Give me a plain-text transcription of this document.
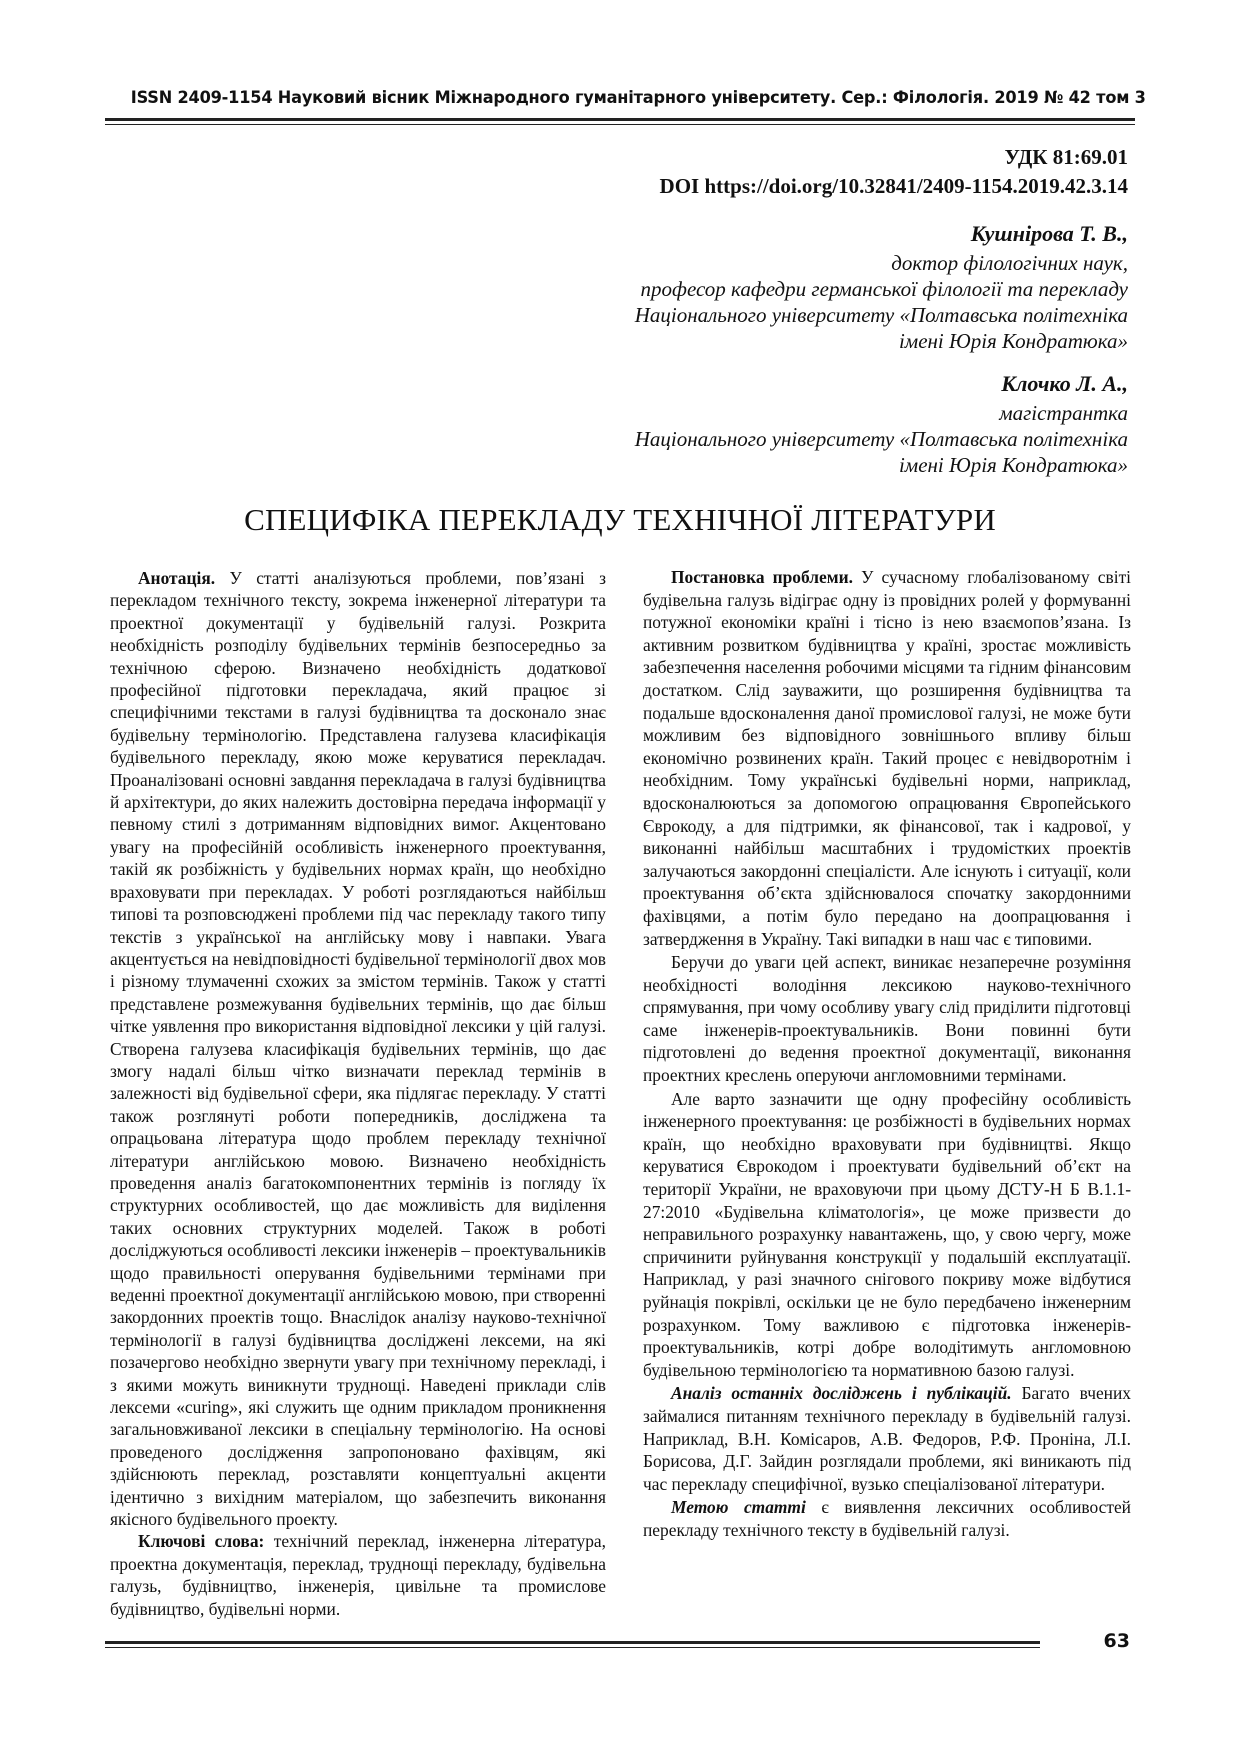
ISSN 2409-1154 Науковий вісник Міжнародного гуманітарного університету. Сер.: Філологія. 2019 № 42 том 3
УДК 81:69.01
DOI https://doi.org/10.32841/2409-1154.2019.42.3.14
Кушнірова Т. В.,
доктор філологічних наук,
професор кафедри германської філології та перекладу
Національного університету «Полтавська політехніка
імені Юрія Кондратюка»
Клочко Л. А.,
магістрантка
Національного університету «Полтавська політехніка
імені Юрія Кондратюка»
СПЕЦИФІКА ПЕРЕКЛАДУ ТЕХНІЧНОЇ ЛІТЕРАТУРИ

Анотація. У статті аналізуються проблеми, пов’язані з перекладом технічного тексту, зокрема інженерної літератури та проектної документації у будівельній галузі. Розкрита необхідність розподілу будівельних термінів безпосередньо за технічною сферою. Визначено необхідність додаткової професійної підготовки перекладача, який працює зі специфічними текстами в галузі будівництва та досконало знає будівельну термінологію. Представлена галузева класифікація будівельного перекладу, якою може керуватися перекладач. Проаналізовані основні завдання перекладача в галузі будівництва й архітектури, до яких належить достовірна передача інформації у певному стилі з дотриманням відповідних вимог. Акцентовано увагу на професійній особливість інженерного проектування, такій як розбіжність у будівельних нормах країн, що необхідно враховувати при перекладах. У роботі розглядаються найбільш типові та розповсюджені проблеми під час перекладу такого типу текстів з української на англійську мову і навпаки. Увага акцентується на невідповідності будівельної термінології двох мов і різному тлумаченні схожих за змістом термінів. Також у статті представлене розмежування будівельних термінів, що дає більш чітке уявлення про використання відповідної лексики у цій галузі. Створена галузева класифікація будівельних термінів, що дає змогу надалі більш чітко визначати переклад термінів в залежності від будівельної сфери, яка підлягає перекладу. У статті також розглянуті роботи попередників, досліджена та опрацьована література щодо проблем перекладу технічної літератури англійською мовою. Визначено необхідність проведення аналіз багатокомпонентних термінів із погляду їх структурних особливостей, що дає можливість для виділення таких основних структурних моделей. Також в роботі досліджуються особливості лексики інженерів – проектувальників щодо правильності оперування будівельними термінами при веденні проектної документації англійською мовою, при створенні закордонних проектів тощо. Внаслідок аналізу науково-технічної термінології в галузі будівництва досліджені лексеми, на які позачергово необхідно звернути увагу при технічному перекладі, і з якими можуть виникнути труднощі. Наведені приклади слів лексеми «curing», які служить ще одним прикладом проникнення загальновживаної лексики в спеціальну термінологію. На основі проведеного дослідження запропоновано фахівцям, які здійснюють переклад, розставляти концептуальні акценти ідентично з вихідним матеріалом, що забезпечить виконання якісного будівельного проекту.

Ключові слова: технічний переклад, інженерна література, проектна документація, переклад, труднощі перекладу, будівельна галузь, будівництво, інженерія, цивільне та промислове будівництво, будівельні норми.

Постановка проблеми. У сучасному глобалізованому світі будівельна галузь відіграє одну із провідних ролей у формуванні потужної економіки країні і тісно із нею взаємопов’язана. Із активним розвитком будівництва у країні, зростає можливість забезпечення населення робочими місцями та гідним фінансовим достатком. Слід зауважити, що розширення будівництва та подальше вдосконалення даної промислової галузі, не може бути можливим без відповідного зовнішнього впливу більш економічно розвинених країн. Такий процес є невідворотнім і необхідним. Тому українські будівельні норми, наприклад, вдосконалюються за допомогою опрацювання Європейського Єврокоду, а для підтримки, як фінансової, так і кадрової, у виконанні найбільш масштабних і трудомістких проектів залучаються закордонні спеціалісти. Але існують і ситуації, коли проектування об’єкта здійснювалося спочатку закордонними фахівцями, а потім було передано на доопрацювання і затвердження в Україну. Такі випадки в наш час є типовими.

Беручи до уваги цей аспект, виникає незаперечне розуміння необхідності володіння лексикою науково-технічного спрямування, при чому особливу увагу слід приділити підготовці саме інженерів-проектувальників. Вони повинні бути підготовлені до ведення проектної документації, виконання проектних креслень оперуючи англомовними термінами.

Але варто зазначити ще одну професійну особливість інженерного проектування: це розбіжності в будівельних нормах країн, що необхідно враховувати при будівництві. Якщо керуватися Єврокодом і проектувати будівельний об’єкт на території України, не враховуючи при цьому ДСТУ-Н Б В.1.1-27:2010 «Будівельна кліматологія», це може призвести до неправильного розрахунку навантажень, що, у свою чергу, може спричинити руйнування конструкції у подальшій експлуатації. Наприклад, у разі значного снігового покриву може відбутися руйнація покрівлі, оскільки це не було передбачено інженерним розрахунком. Тому важливою є підготовка інженерів-проектувальників, котрі добре володітимуть англомовною будівельною термінологією та нормативною базою галузі.

Аналіз останніх досліджень і публікацій. Багато вчених займалися питанням технічного перекладу в будівельній галузі. Наприклад, В.Н. Комісаров, А.В. Федоров, Р.Ф. Проніна, Л.І. Борисова, Д.Г. Зайдин розглядали проблеми, які виникають під час перекладу специфічної, вузько спеціалізованої літератури.

Метою статті є виявлення лексичних особливостей перекладу технічного тексту в будівельній галузі.

63
